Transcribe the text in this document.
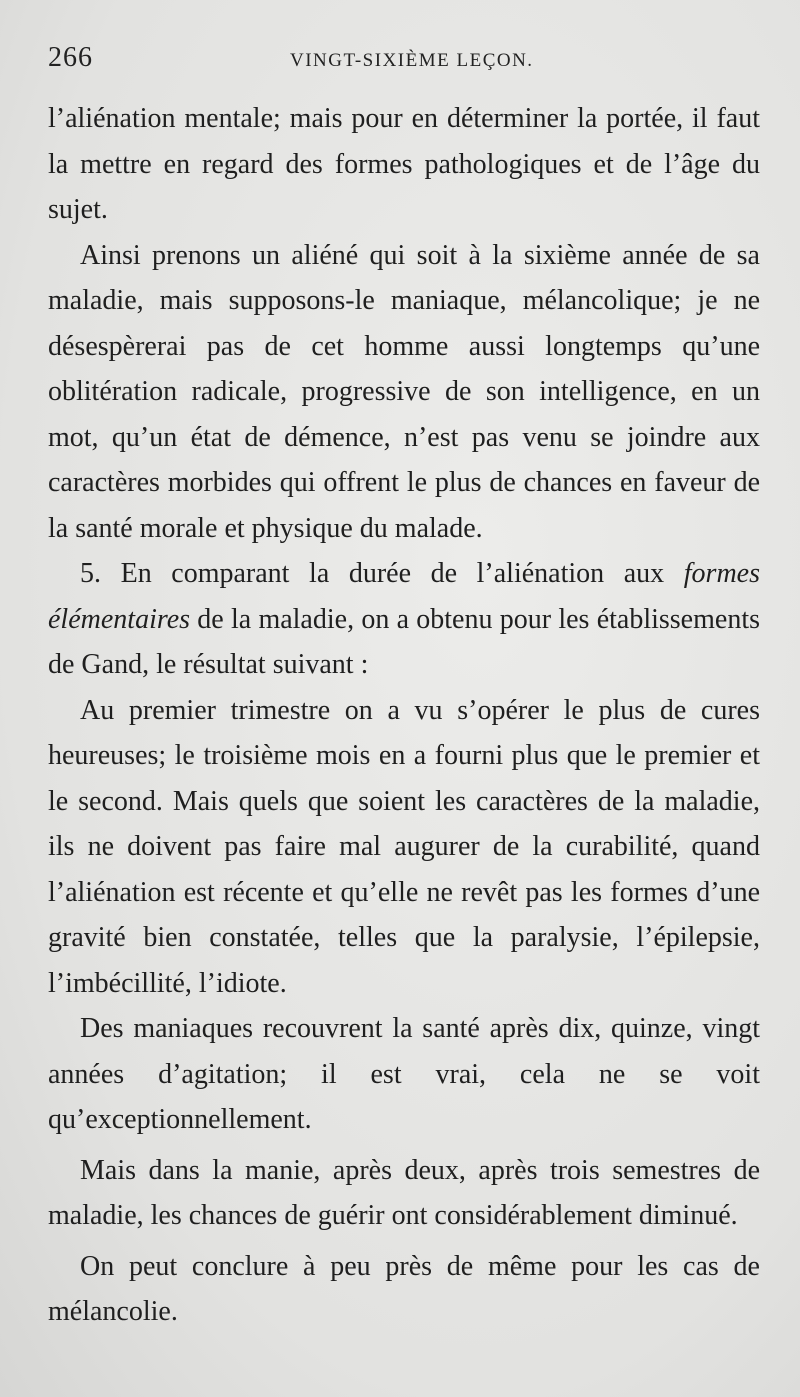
266	VINGT-SIXIÈME LEÇON.

l’aliénation mentale; mais pour en déterminer la portée, il faut la mettre en regard des formes pathologiques et de l’âge du sujet.

Ainsi prenons un aliéné qui soit à la sixième année de sa maladie, mais supposons-le maniaque, mélancolique; je ne désespèrerai pas de cet homme aussi longtemps qu’une oblitération radicale, progressive de son intelligence, en un mot, qu’un état de démence, n’est pas venu se joindre aux caractères morbides qui offrent le plus de chances en faveur de la santé morale et physique du malade.

5. En comparant la durée de l’aliénation aux formes élémentaires de la maladie, on a obtenu pour les établissements de Gand, le résultat suivant :

Au premier trimestre on a vu s’opérer le plus de cures heureuses; le troisième mois en a fourni plus que le premier et le second. Mais quels que soient les caractères de la maladie, ils ne doivent pas faire mal augurer de la curabilité, quand l’aliénation est récente et qu’elle ne revêt pas les formes d’une gravité bien constatée, telles que la paralysie, l’épilepsie, l’imbécillité, l’idiote.

Des maniaques recouvrent la santé après dix, quinze, vingt années d’agitation; il est vrai, cela ne se voit qu’exceptionnellement.

Mais dans la manie, après deux, après trois semestres de maladie, les chances de guérir ont considérablement diminué.

On peut conclure à peu près de même pour les cas de mélancolie.
